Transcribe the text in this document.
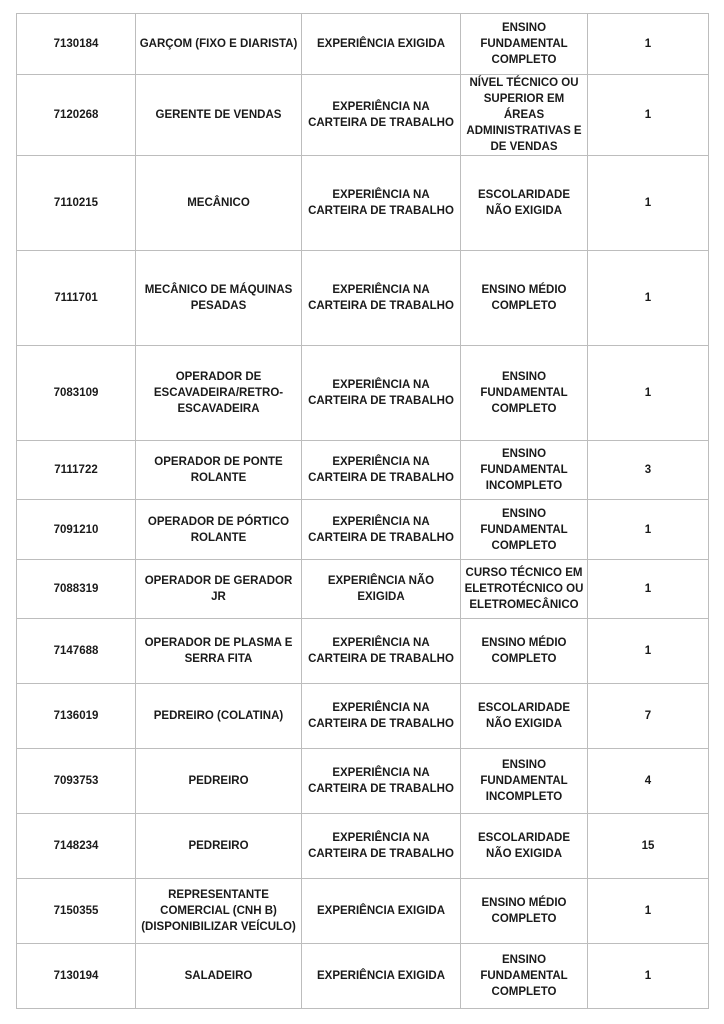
7130184	GARÇOM (FIXO E DIARISTA)	EXPERIÊNCIA EXIGIDA	ENSINO FUNDAMENTAL COMPLETO	1
7120268	GERENTE DE VENDAS	EXPERIÊNCIA NA CARTEIRA DE TRABALHO	NÍVEL TÉCNICO OU SUPERIOR EM ÁREAS ADMINISTRATIVAS E DE VENDAS	1
7110215	MECÂNICO	EXPERIÊNCIA NA CARTEIRA DE TRABALHO	ESCOLARIDADE NÃO EXIGIDA	1
7111701	MECÂNICO DE MÁQUINAS PESADAS	EXPERIÊNCIA NA CARTEIRA DE TRABALHO	ENSINO MÉDIO COMPLETO	1
7083109	OPERADOR DE ESCAVADEIRA/RETRO-ESCAVADEIRA	EXPERIÊNCIA NA CARTEIRA DE TRABALHO	ENSINO FUNDAMENTAL COMPLETO	1
7111722	OPERADOR DE PONTE ROLANTE	EXPERIÊNCIA NA CARTEIRA DE TRABALHO	ENSINO FUNDAMENTAL INCOMPLETO	3
7091210	OPERADOR DE PÓRTICO ROLANTE	EXPERIÊNCIA NA CARTEIRA DE TRABALHO	ENSINO FUNDAMENTAL COMPLETO	1
7088319	OPERADOR DE GERADOR JR	EXPERIÊNCIA NÃO EXIGIDA	CURSO TÉCNICO EM ELETROTÉCNICO OU ELETROMECÂNICO	1
7147688	OPERADOR DE PLASMA E SERRA FITA	EXPERIÊNCIA NA CARTEIRA DE TRABALHO	ENSINO MÉDIO COMPLETO	1
7136019	PEDREIRO (COLATINA)	EXPERIÊNCIA NA CARTEIRA DE TRABALHO	ESCOLARIDADE NÃO EXIGIDA	7
7093753	PEDREIRO	EXPERIÊNCIA NA CARTEIRA DE TRABALHO	ENSINO FUNDAMENTAL INCOMPLETO	4
7148234	PEDREIRO	EXPERIÊNCIA NA CARTEIRA DE TRABALHO	ESCOLARIDADE NÃO EXIGIDA	15
7150355	REPRESENTANTE COMERCIAL (CNH B) (DISPONIBILIZAR VEÍCULO)	EXPERIÊNCIA EXIGIDA	ENSINO MÉDIO COMPLETO	1
7130194	SALADEIRO	EXPERIÊNCIA EXIGIDA	ENSINO FUNDAMENTAL COMPLETO	1
